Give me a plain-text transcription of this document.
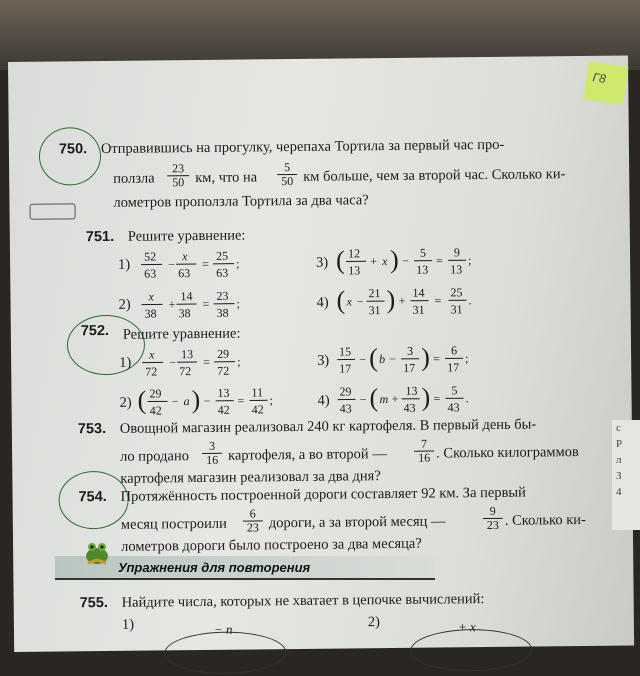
750. Отправившись на прогулку, черепаха Тортила за первый час про-
ползла $\frac{23}{50}$ км, что на $\frac{5}{50}$ км больше, чем за второй час. Сколько ки-
лометров проползла Тортила за два часа?
751. Решите уравнение:
1)
52
63
−
x
63
=
25
63
;
2)
x
38
+
14
38
=
23
38
;
3) ( 12
13
+ x ) −
5
13
=
9
13
;
4) ( x −
21
31 ) +
14
31
=
25
31
.
752. Решите уравнение:
1)
x
72
−
13
72
=
29
72
;
2) ( 29
42
− a ) −
13
42
=
11
42
;
3)
15
17
− ( b −
3
17 ) =
6
17
;
4)
29
43
− ( m +
13
43 ) =
5
43
.
753. Овощной магазин реализовал 240 кг картофеля. В первый день бы-
ло продано $\frac{3}{16}$ картофеля, а во второй — $\frac{7}{16}$ . Сколько килограммов
картофеля магазин реализовал за два дня?
754. Протяжённость построенной дороги составляет 92 км. За первый
месяц построили $\frac{6}{23}$ дороги, а за второй месяц —	$\frac{9}{23}$ . Сколько ки-
лометров дороги было построено за два месяца?
755. Найдите числа, которых не хватает в цепочке вычислений:
1)	2)
− n	+ x
Упражнения для повторения
Г8
с
Р
л
З
4
